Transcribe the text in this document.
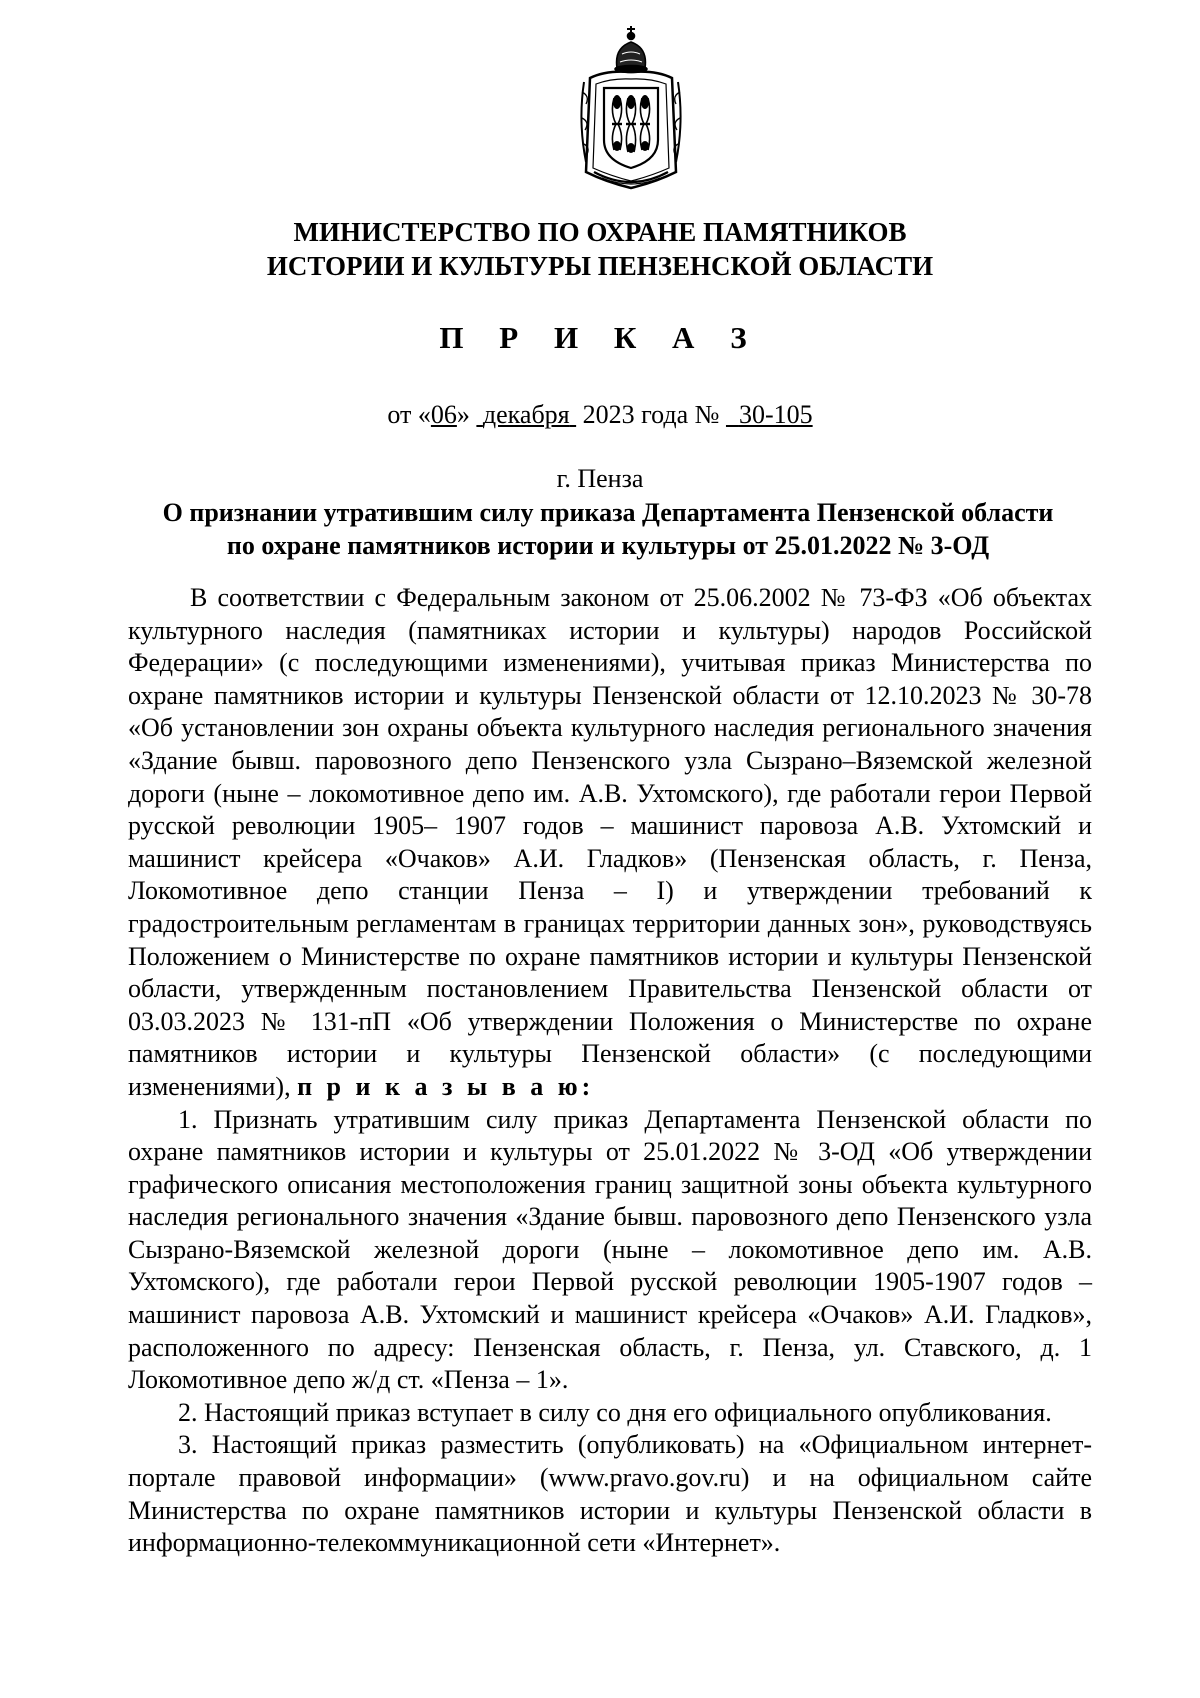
МИНИСТЕРСТВО ПО ОХРАНЕ ПАМЯТНИКОВ
ИСТОРИИ И КУЛЬТУРЫ ПЕНЗЕНСКОЙ ОБЛАСТИ
П Р И К А З
от «06» декабря 2023 года № 30-105
г. Пенза
О признании утратившим силу приказа Департамента Пензенской области
по охране памятников истории и культуры от 25.01.2022 № 3-ОД

В соответствии с Федеральным законом от 25.06.2002 № 73-ФЗ «Об объектах культурного наследия (памятниках истории и культуры) народов Российской Федерации» (с последующими изменениями), учитывая приказ Министерства по охране памятников истории и культуры Пензенской области от 12.10.2023 № 30-78 «Об установлении зон охраны объекта культурного наследия регионального значения «Здание бывш. паровозного депо Пензенского узла Сызрано–Вяземской железной дороги (ныне – локомотивное депо им. А.В. Ухтомского), где работали герои Первой русской революции 1905– 1907 годов – машинист паровоза А.В. Ухтомский и машинист крейсера «Очаков» А.И. Гладков» (Пензенская область, г. Пенза, Локомотивное депо станции Пенза – I) и утверждении требований к градостроительным регламентам в границах территории данных зон», руководствуясь Положением о Министерстве по охране памятников истории и культуры Пензенской области, утвержденным постановлением Правительства Пензенской области от 03.03.2023 № 131-пП «Об утверждении Положения о Министерстве по охране памятников истории и культуры Пензенской области» (с последующими изменениями), п р и к а з ы в а ю:

1. Признать утратившим силу приказ Департамента Пензенской области по охране памятников истории и культуры от 25.01.2022 № 3-ОД «Об утверждении графического описания местоположения границ защитной зоны объекта культурного наследия регионального значения «Здание бывш. паровозного депо Пензенского узла Сызрано-Вяземской железной дороги (ныне – локомотивное депо им. А.В. Ухтомского), где работали герои Первой русской революции 1905-1907 годов – машинист паровоза А.В. Ухтомский и машинист крейсера «Очаков» А.И. Гладков», расположенного по адресу: Пензенская область, г. Пенза, ул. Ставского, д. 1 Локомотивное депо ж/д ст. «Пенза – 1».

2. Настоящий приказ вступает в силу со дня его официального опубликования.

3. Настоящий приказ разместить (опубликовать) на «Официальном интернет-портале правовой информации» (www.pravo.gov.ru) и на официальном сайте Министерства по охране памятников истории и культуры Пензенской области в информационно-телекоммуникационной сети «Интернет».
